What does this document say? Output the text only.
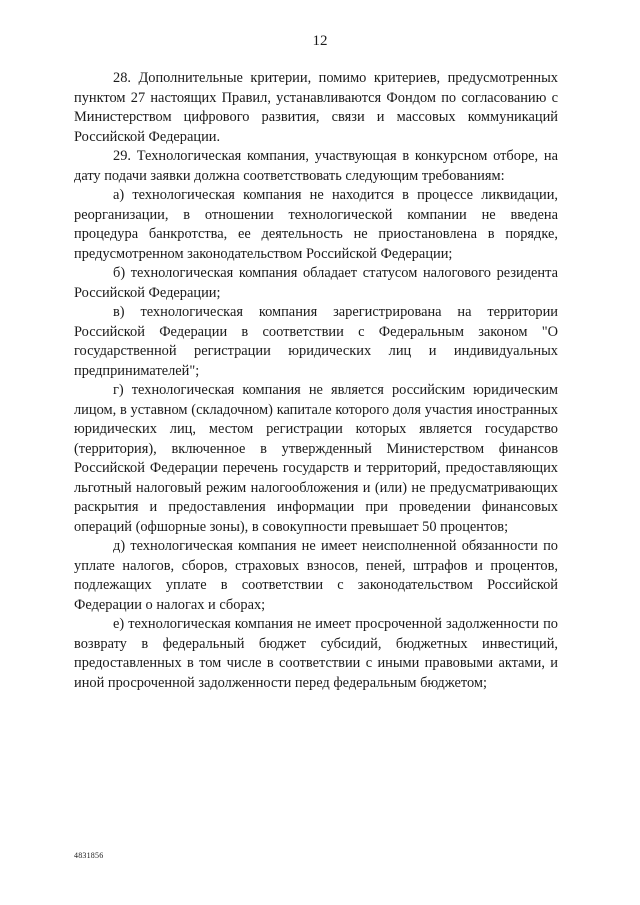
12

28. Дополнительные критерии, помимо критериев, предусмотренных пунктом 27 настоящих Правил, устанавливаются Фондом по согласованию с Министерством цифрового развития, связи и массовых коммуникаций Российской Федерации.

29. Технологическая компания, участвующая в конкурсном отборе, на дату подачи заявки должна соответствовать следующим требованиям:

а) технологическая компания не находится в процессе ликвидации, реорганизации, в отношении технологической компании не введена процедура банкротства, ее деятельность не приостановлена в порядке, предусмотренном законодательством Российской Федерации;

б) технологическая компания обладает статусом налогового резидента Российской Федерации;

в) технологическая компания зарегистрирована на территории Российской Федерации в соответствии с Федеральным законом "О государственной регистрации юридических лиц и индивидуальных предпринимателей";

г) технологическая компания не является российским юридическим лицом, в уставном (складочном) капитале которого доля участия иностранных юридических лиц, местом регистрации которых является государство (территория), включенное в утвержденный Министерством финансов Российской Федерации перечень государств и территорий, предоставляющих льготный налоговый режим налогообложения и (или) не предусматривающих раскрытия и предоставления информации при проведении финансовых операций (офшорные зоны), в совокупности превышает 50 процентов;

д) технологическая компания не имеет неисполненной обязанности по уплате налогов, сборов, страховых взносов, пеней, штрафов и процентов, подлежащих уплате в соответствии с законодательством Российской Федерации о налогах и сборах;

е) технологическая компания не имеет просроченной задолженности по возврату в федеральный бюджет субсидий, бюджетных инвестиций, предоставленных в том числе в соответствии с иными правовыми актами, и иной просроченной задолженности перед федеральным бюджетом;

4831856
